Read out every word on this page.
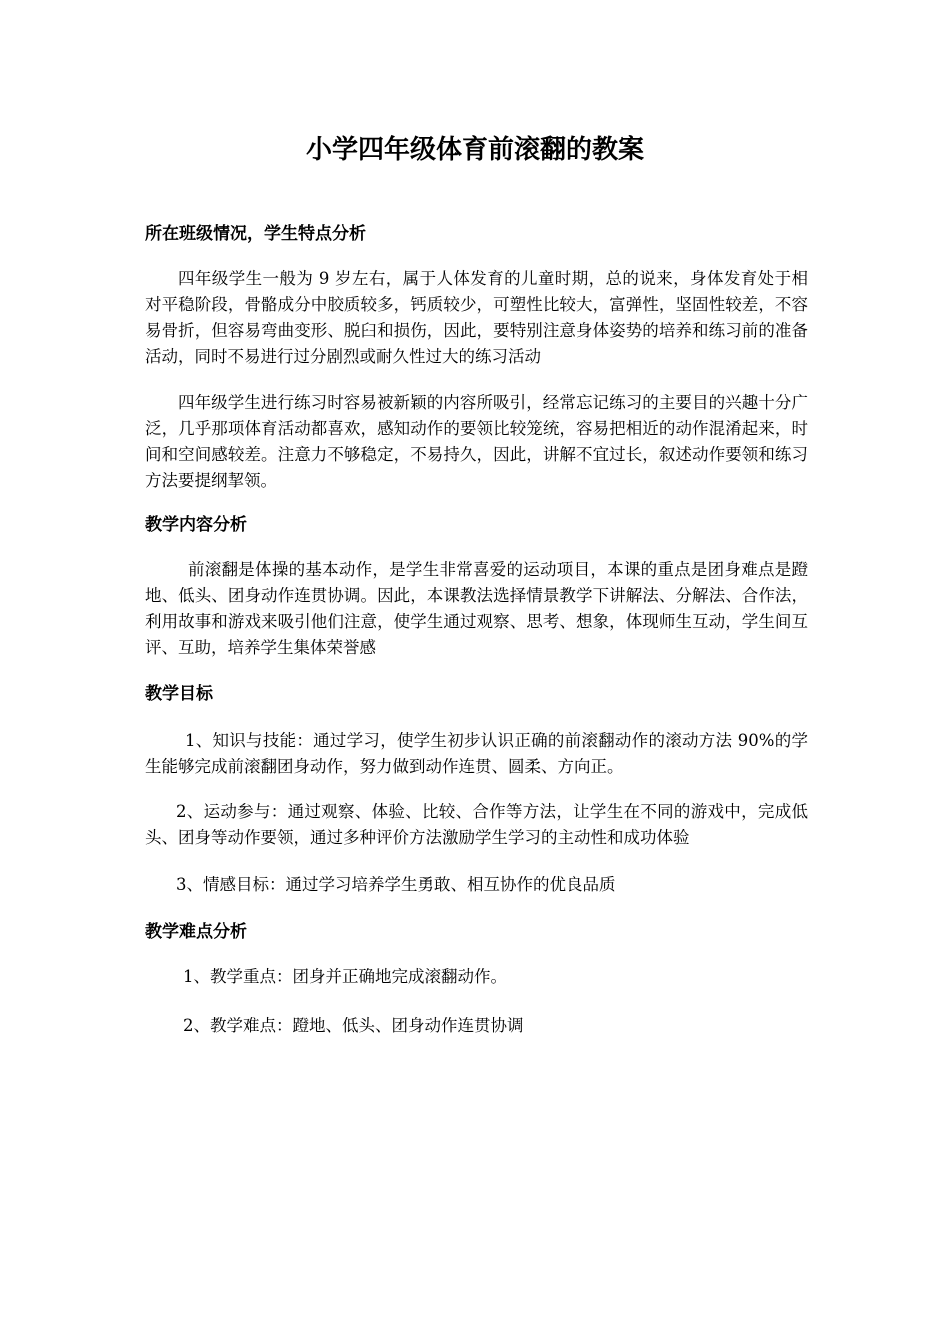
小学四年级体育前滚翻的教案
所在班级情况，学生特点分析
四年级学生一般为 9 岁左右，属于人体发育的儿童时期，总的说来，身体发育处于相对平稳阶段，骨骼成分中胶质较多，钙质较少，可塑性比较大，富弹性，坚固性较差，不容易骨折，但容易弯曲变形、脱臼和损伤，因此，要特别注意身体姿势的培养和练习前的准备活动，同时不易进行过分剧烈或耐久性过大的练习活动
四年级学生进行练习时容易被新颖的内容所吸引，经常忘记练习的主要目的兴趣十分广泛，几乎那项体育活动都喜欢，感知动作的要领比较笼统，容易把相近的动作混淆起来，时间和空间感较差。注意力不够稳定，不易持久，因此，讲解不宜过长，叙述动作要领和练习方法要提纲挈领。
教学内容分析
前滚翻是体操的基本动作，是学生非常喜爱的运动项目，本课的重点是团身难点是蹬地、低头、团身动作连贯协调。因此，本课教法选择情景教学下讲解法、分解法、合作法，利用故事和游戏来吸引他们注意，使学生通过观察、思考、想象，体现师生互动，学生间互评、互助，培养学生集体荣誉感
教学目标
1、知识与技能：通过学习，使学生初步认识正确的前滚翻动作的滚动方法 90%的学生能够完成前滚翻团身动作，努力做到动作连贯、圆柔、方向正。
2、运动参与：通过观察、体验、比较、合作等方法，让学生在不同的游戏中，完成低头、团身等动作要领，通过多种评价方法激励学生学习的主动性和成功体验
3、情感目标：通过学习培养学生勇敢、相互协作的优良品质
教学难点分析
1、教学重点：团身并正确地完成滚翻动作。
2、教学难点：蹬地、低头、团身动作连贯协调
